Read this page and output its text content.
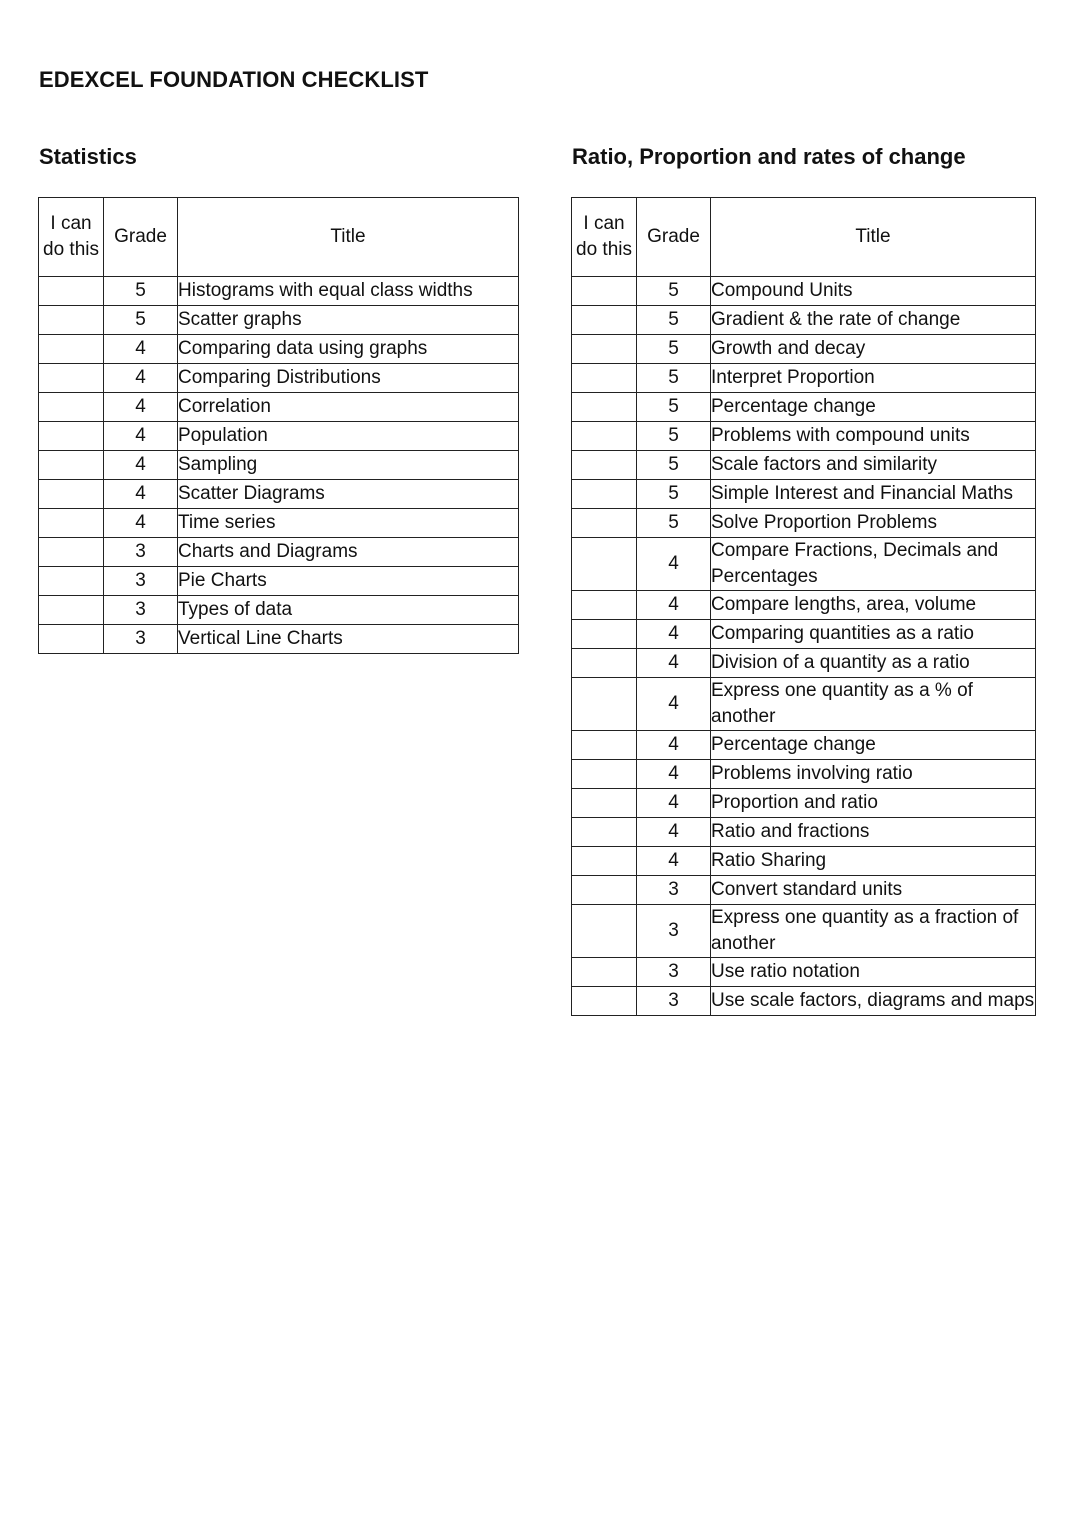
EDEXCEL FOUNDATION CHECKLIST
Statistics
I can do this	Grade	Title
	5	Histograms with equal class widths
	5	Scatter graphs
	4	Comparing data using graphs
	4	Comparing Distributions
	4	Correlation
	4	Population
	4	Sampling
	4	Scatter Diagrams
	4	Time series
	3	Charts and Diagrams
	3	Pie Charts
	3	Types of data
	3	Vertical Line Charts
Ratio, Proportion and rates of change
I can do this	Grade	Title
	5	Compound Units
	5	Gradient & the rate of change
	5	Growth and decay
	5	Interpret Proportion
	5	Percentage change
	5	Problems with compound units
	5	Scale factors and similarity
	5	Simple Interest and Financial Maths
	5	Solve Proportion Problems
	4	Compare Fractions, Decimals and Percentages
	4	Compare lengths, area, volume
	4	Comparing quantities as a ratio
	4	Division of a quantity as a ratio
	4	Express one quantity as a % of another
	4	Percentage change
	4	Problems involving ratio
	4	Proportion and ratio
	4	Ratio and fractions
	4	Ratio Sharing
	3	Convert standard units
	3	Express one quantity as a fraction of another
	3	Use ratio notation
	3	Use scale factors, diagrams and maps
